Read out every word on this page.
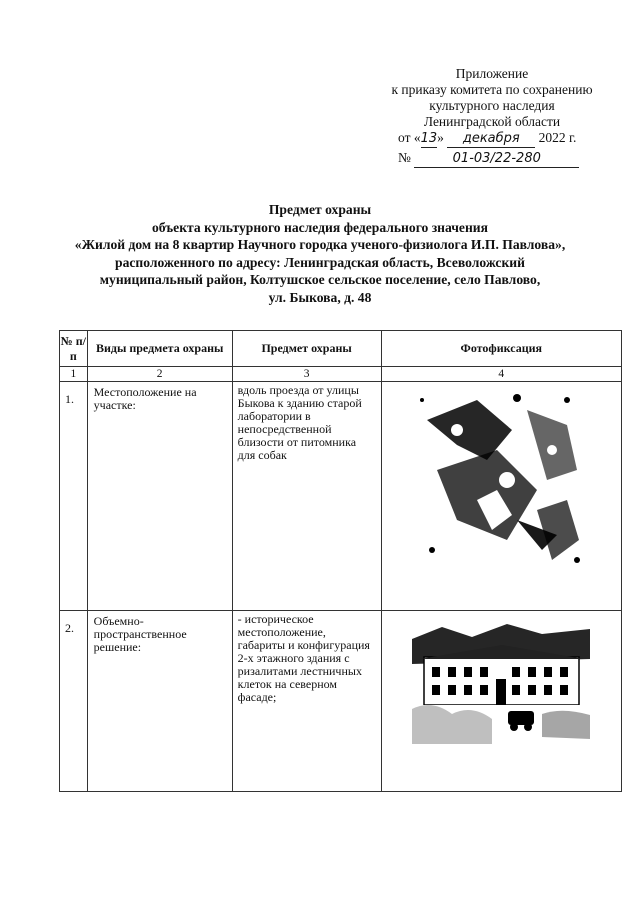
Приложение
к приказу комитета по сохранению
культурного наследия
Ленинградской области
от «13» декабря 2022 г.
№	01-03/22-280
Предмет охраны
объекта культурного наследия федерального значения
«Жилой дом на 8 квартир Научного городка ученого-физиолога И.П. Павлова»,
расположенного по адресу: Ленинградская область, Всеволожский
муниципальный район, Колтушское сельское поселение, село Павлово,
ул. Быкова, д. 48
№ п/п	Виды предмета охраны	Предмет охраны	Фотофиксация
1	2	3	4
1.	Местоположение на участке:	вдоль проезда от улицы Быкова к зданию старой лаборатории в непосредственной близости от питомника для собак	

2.	Объемно-пространственное решение:	- историческое местоположение, габариты и конфигурация 2-х этажного здания с ризалитами лестничных клеток на северном фасаде;	
